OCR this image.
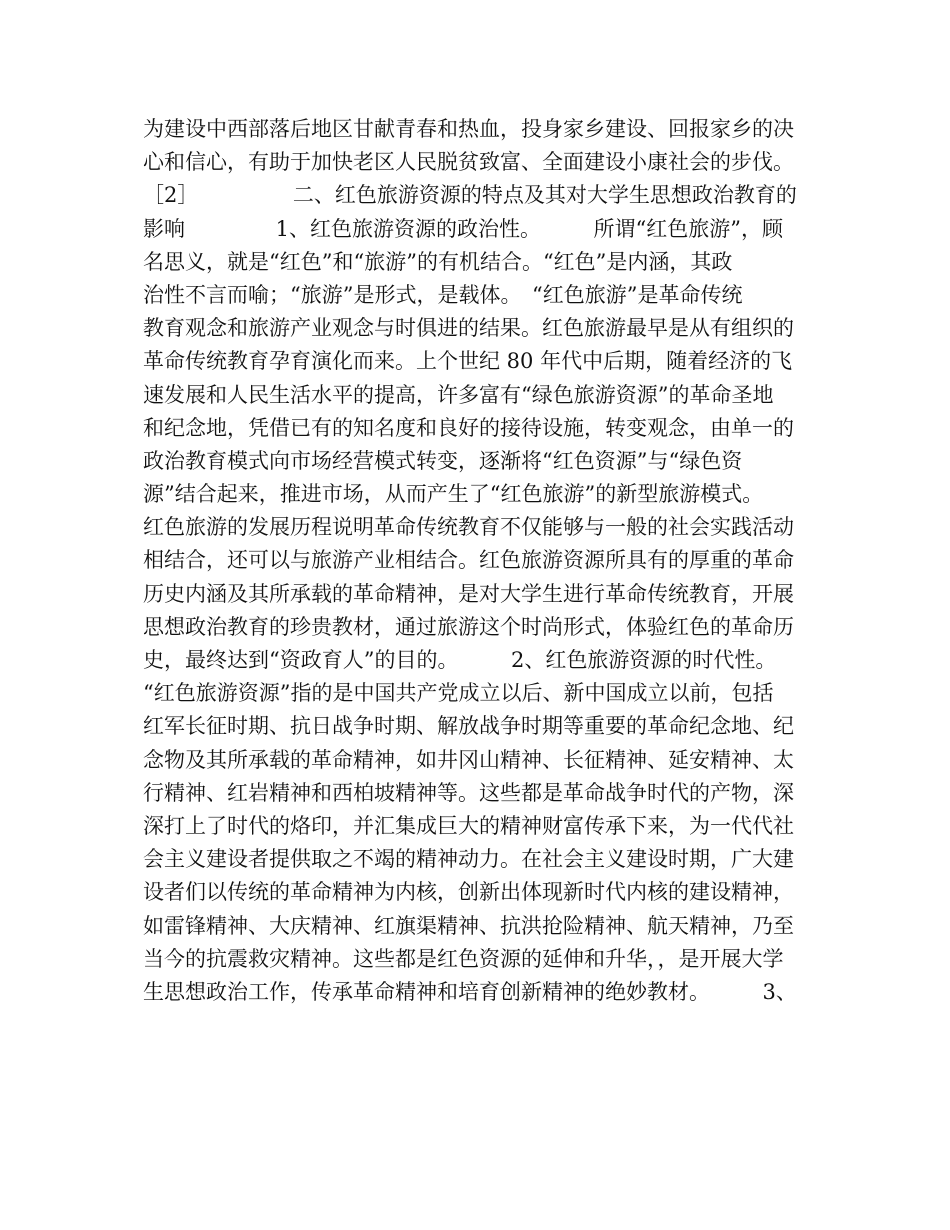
为建设中西部落后地区甘献青春和热血，投身家乡建设、回报家乡的决
心和信心，有助于加快老区人民脱贫致富、全面建设小康社会的步伐。
［2］　　　　　二、红色旅游资源的特点及其对大学生思想政治教育的
影响　　　　 1、红色旅游资源的政治性。　　　所谓“红色旅游”，顾
名思义，就是“红色”和“旅游”的有机结合。“红色”是内涵，其政
治性不言而喻；“旅游”是形式，是载体。　“红色旅游”是革命传统
教育观念和旅游产业观念与时俱进的结果。红色旅游最早是从有组织的
革命传统教育孕育演化而来。上个世纪 80 年代中后期，随着经济的飞
速发展和人民生活水平的提高，许多富有“绿色旅游资源”的革命圣地
和纪念地，凭借已有的知名度和良好的接待设施，转变观念，由单一的
政治教育模式向市场经营模式转变，逐渐将“红色资源”与“绿色资
源”结合起来，推进市场，从而产生了“红色旅游”的新型旅游模式。
红色旅游的发展历程说明革命传统教育不仅能够与一般的社会实践活动
相结合，还可以与旅游产业相结合。红色旅游资源所具有的厚重的革命
历史内涵及其所承载的革命精神，是对大学生进行革命传统教育，开展
思想政治教育的珍贵教材，通过旅游这个时尚形式，体验红色的革命历
史，最终达到“资政育人”的目的。　　　2、红色旅游资源的时代性。
“红色旅游资源”指的是中国共产党成立以后、新中国成立以前，包括
红军长征时期、抗日战争时期、解放战争时期等重要的革命纪念地、纪
念物及其所承载的革命精神，如井冈山精神、长征精神、延安精神、太
行精神、红岩精神和西柏坡精神等。这些都是革命战争时代的产物，深
深打上了时代的烙印，并汇集成巨大的精神财富传承下来，为一代代社
会主义建设者提供取之不竭的精神动力。在社会主义建设时期，广大建
设者们以传统的革命精神为内核，创新出体现新时代内核的建设精神，
如雷锋精神、大庆精神、红旗渠精神、抗洪抢险精神、航天精神，乃至
当今的抗震救灾精神。这些都是红色资源的延伸和升华，，是开展大学
生思想政治工作，传承革命精神和培育创新精神的绝妙教材。　　　3、
